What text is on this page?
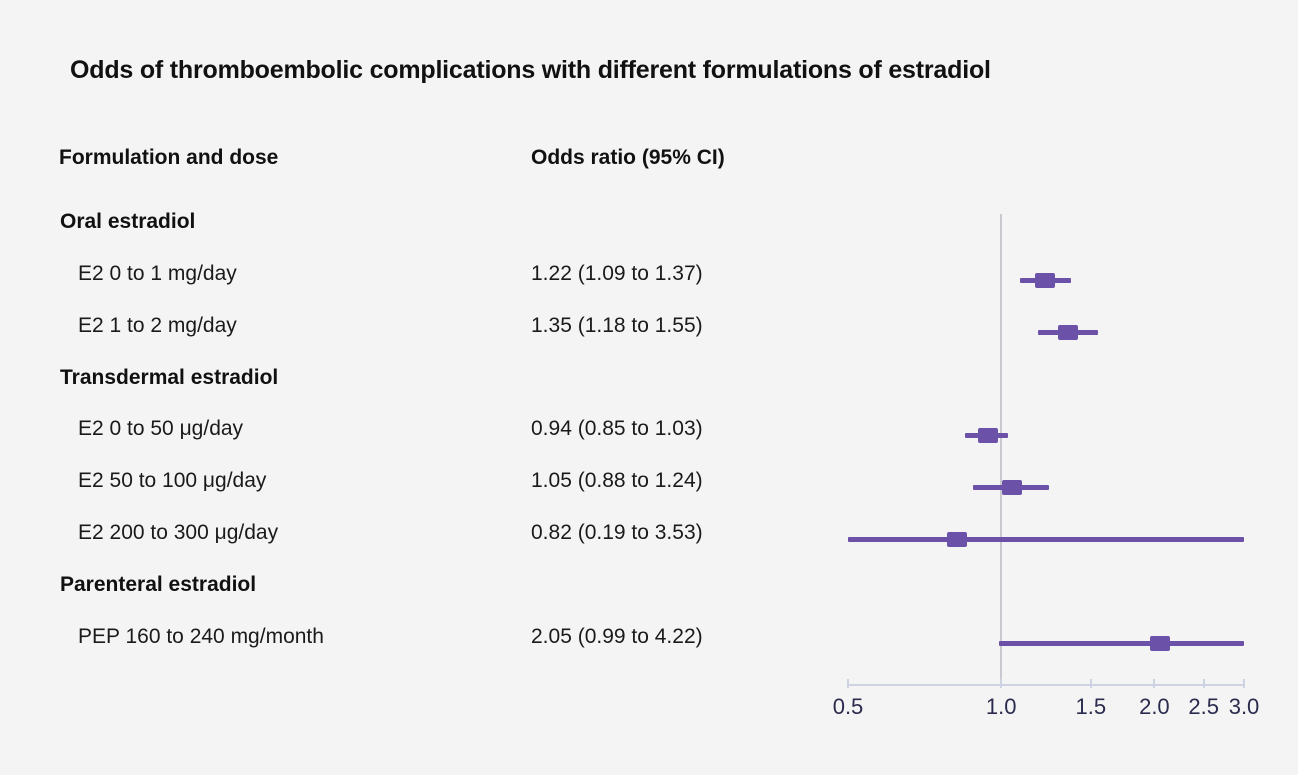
Odds of thromboembolic complications with different formulations of estradiol
Formulation and dose	Odds ratio (95% CI)
Oral estradiol
E2 0 to 1 mg/day	1.22 (1.09 to 1.37)
E2 1 to 2 mg/day	1.35 (1.18 to 1.55)
Transdermal estradiol
E2 0 to 50 μg/day	0.94 (0.85 to 1.03)
E2 50 to 100 μg/day	1.05 (0.88 to 1.24)
E2 200 to 300 μg/day	0.82 (0.19 to 3.53)
Parenteral estradiol
PEP 160 to 240 mg/month	2.05 (0.99 to 4.22)
0.5	1.0	1.5 2.0 2.5 3.0
